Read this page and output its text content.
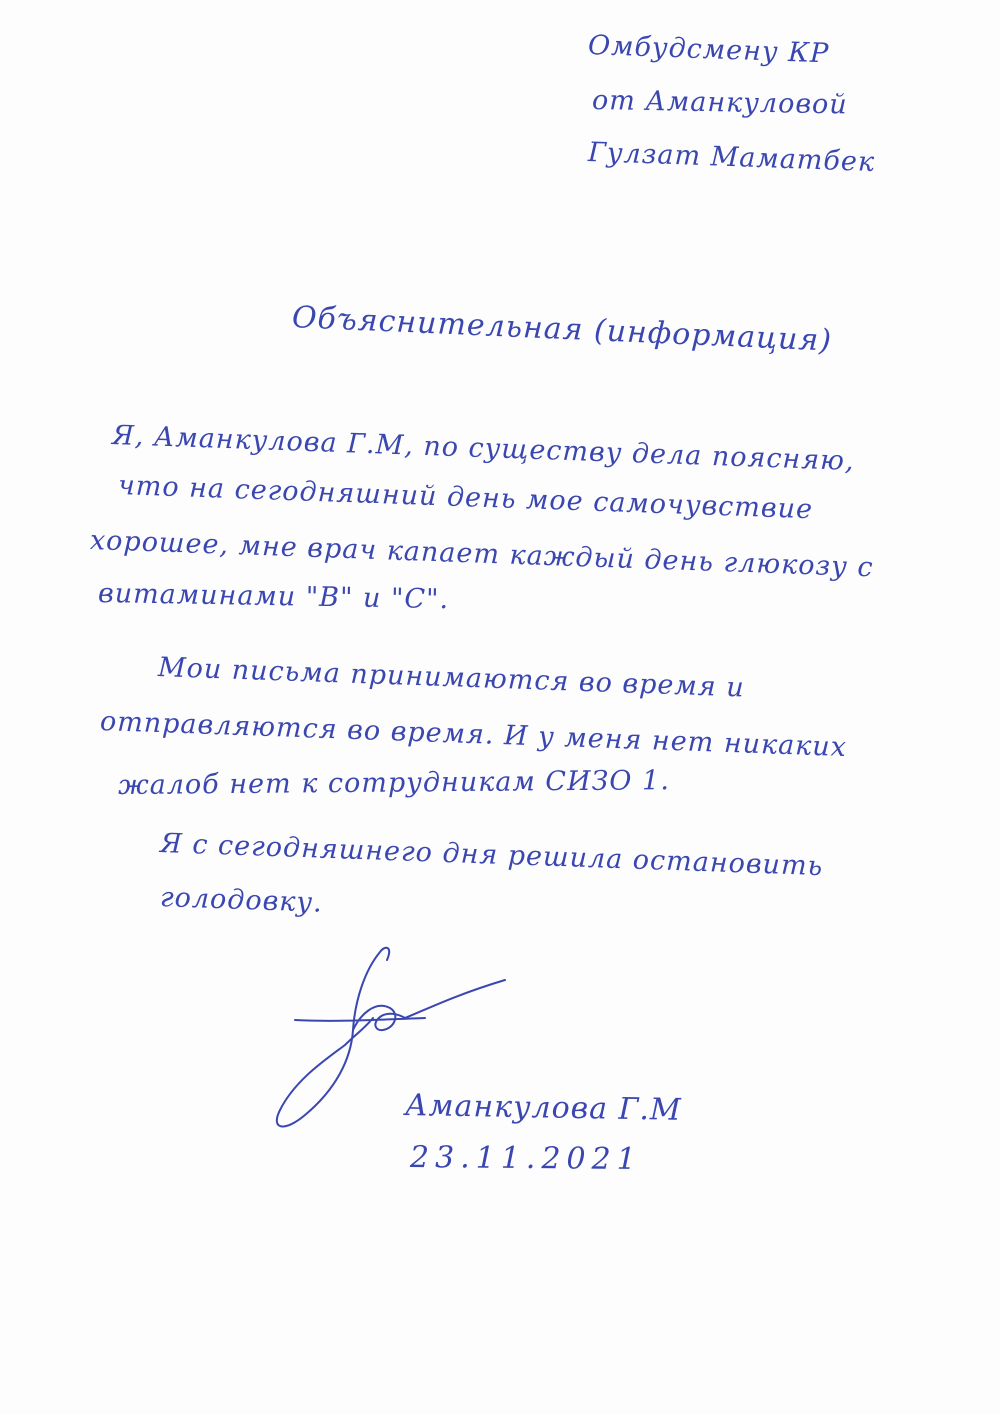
Омбудсмену КР
от Аманкуловой
Гулзат Маматбек
Объяснительная (информация)
Я, Аманкулова Г.М, по существу дела поясняю,
что на сегодняшний день мое самочувствие
хорошее, мне врач капает каждый день глюкозу с
витаминами "В" и "С".
Мои письма принимаются во время и
отправляются во время. И у меня нет никаких
жалоб нет к сотрудникам СИЗО 1.
Я с сегодняшнего дня решила остановить
голодовку.
Аманкулова Г.М
23.11.2021
